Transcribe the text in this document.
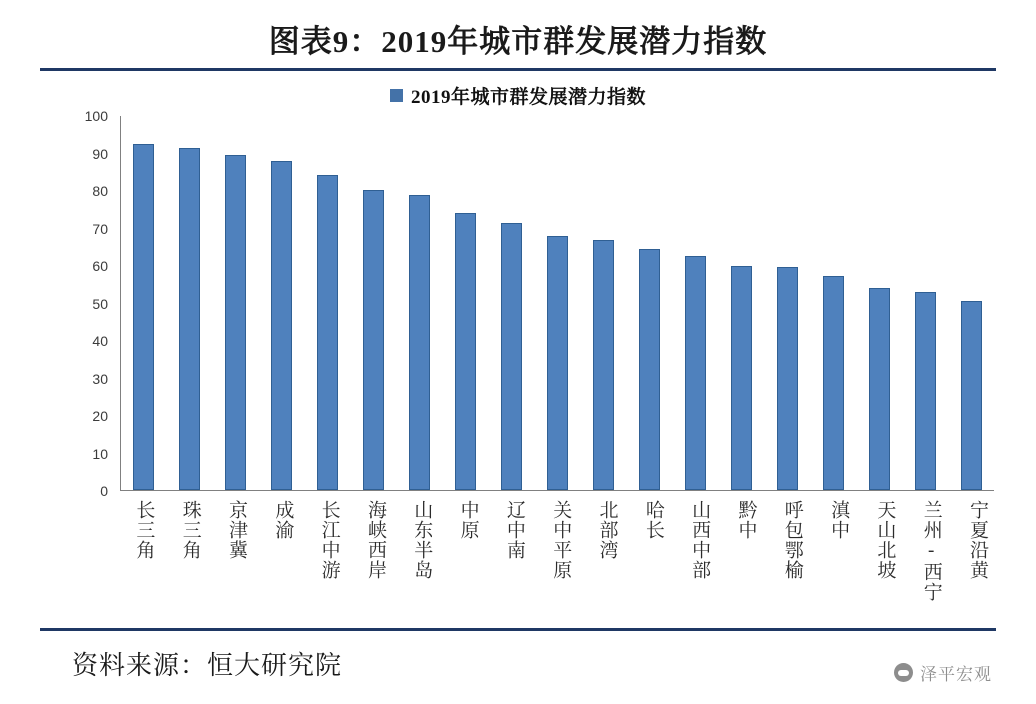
图表9：2019年城市群发展潜力指数
2019年城市群发展潜力指数
0
10
20
30
40
50
60
70
80
90
100
长三角 珠三角 京津冀 成渝 长江中游 海峡西岸 山东半岛 中原 辽中南 关中平原 北部湾 哈长 山西中部 黔中 呼包鄂榆 滇中 天山北坡 兰州-西宁 宁夏沿黄
资料来源：恒大研究院	泽平宏观
